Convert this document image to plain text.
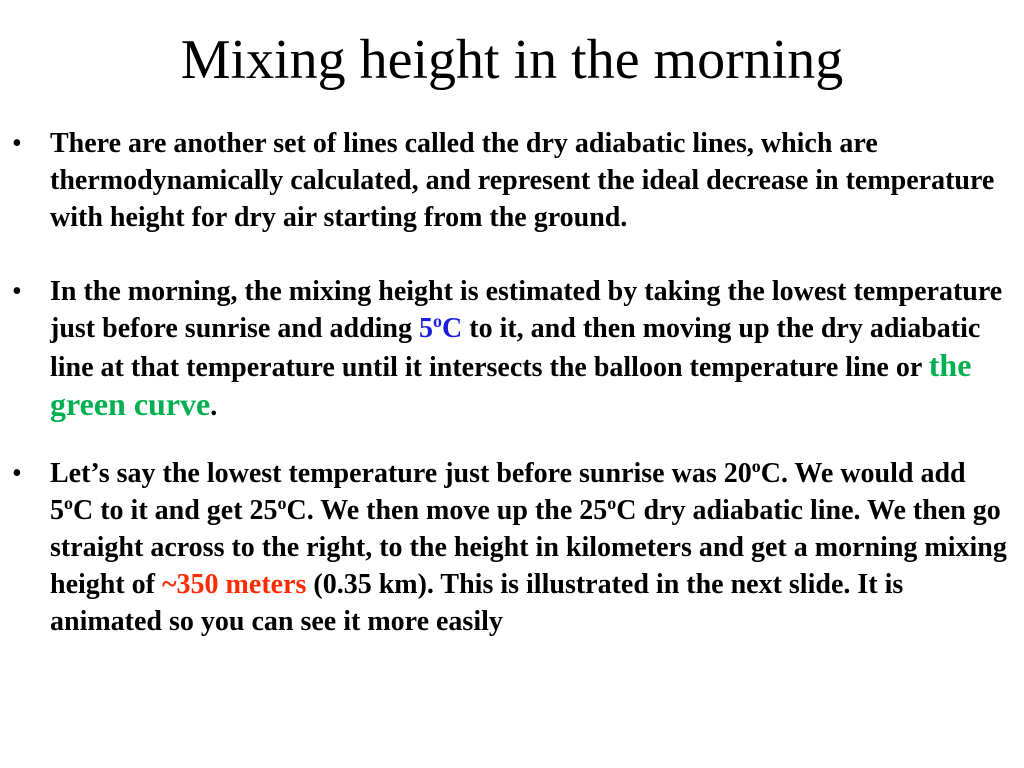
Mixing height in the morning
• There are another set of lines called the dry adiabatic lines, which are thermodynamically calculated, and represent the ideal decrease in temperature with height for dry air starting from the ground.
• In the morning, the mixing height is estimated by taking the lowest temperature just before sunrise and adding 5$^o$C to it, and then moving up the dry adiabatic line at that temperature until it intersects the balloon temperature line or the green curve.
• Let’s say the lowest temperature just before sunrise was 20$^o$C. We would add 5$^o$C to it and get 25$^o$C. We then move up the 25$^o$C dry adiabatic line. We then go straight across to the right, to the height in kilometers and get a morning mixing height of ~350 meters (0.35 km). This is illustrated in the next slide. It is animated so you can see it more easily
